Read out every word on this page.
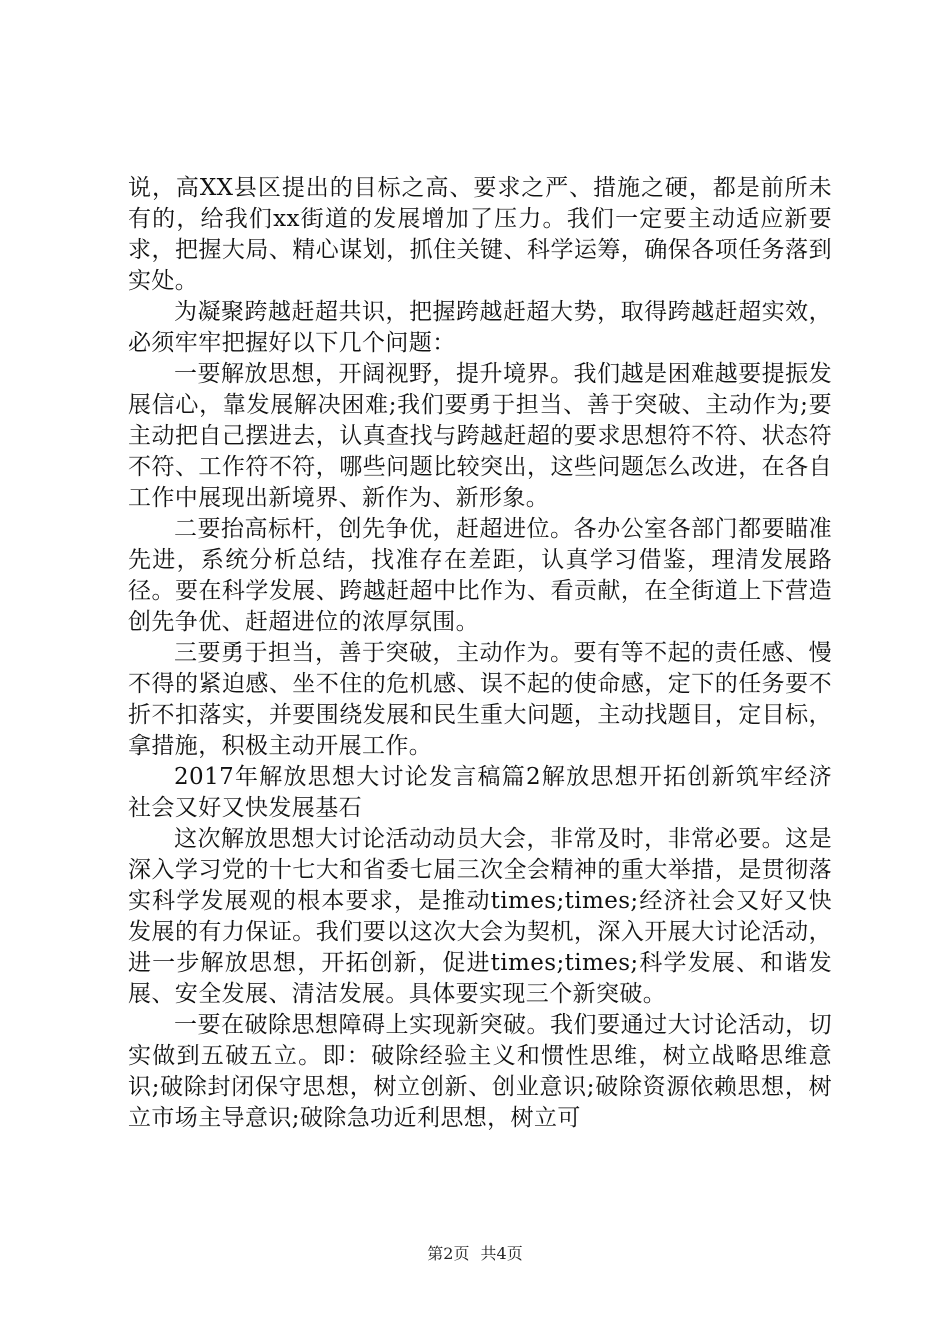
说，高XX县区提出的目标之高、要求之严、措施之硬，都是前所未有的，给我们xx街道的发展增加了压力。我们一定要主动适应新要求，把握大局、精心谋划，抓住关键、科学运筹，确保各项任务落到实处。

为凝聚跨越赶超共识，把握跨越赶超大势，取得跨越赶超实效，必须牢牢把握好以下几个问题：

一要解放思想，开阔视野，提升境界。我们越是困难越要提振发展信心，靠发展解决困难;我们要勇于担当、善于突破、主动作为;要主动把自己摆进去，认真查找与跨越赶超的要求思想符不符、状态符不符、工作符不符，哪些问题比较突出，这些问题怎么改进，在各自工作中展现出新境界、新作为、新形象。

二要抬高标杆，创先争优，赶超进位。各办公室各部门都要瞄准先进，系统分析总结，找准存在差距，认真学习借鉴，理清发展路径。要在科学发展、跨越赶超中比作为、看贡献，在全街道上下营造创先争优、赶超进位的浓厚氛围。

三要勇于担当，善于突破，主动作为。要有等不起的责任感、慢不得的紧迫感、坐不住的危机感、误不起的使命感，定下的任务要不折不扣落实，并要围绕发展和民生重大问题，主动找题目，定目标，拿措施，积极主动开展工作。

2017年解放思想大讨论发言稿篇2解放思想开拓创新筑牢经济社会又好又快发展基石

这次解放思想大讨论活动动员大会，非常及时，非常必要。这是深入学习党的十七大和省委七届三次全会精神的重大举措，是贯彻落实科学发展观的根本要求，是推动times;times;经济社会又好又快发展的有力保证。我们要以这次大会为契机，深入开展大讨论活动，进一步解放思想，开拓创新，促进times;times;科学发展、和谐发展、安全发展、清洁发展。具体要实现三个新突破。

一要在破除思想障碍上实现新突破。我们要通过大讨论活动，切实做到五破五立。即：破除经验主义和惯性思维，树立战略思维意识;破除封闭保守思想，树立创新、创业意识;破除资源依赖思想，树立市场主导意识;破除急功近利思想，树立可

第2页 共4页
